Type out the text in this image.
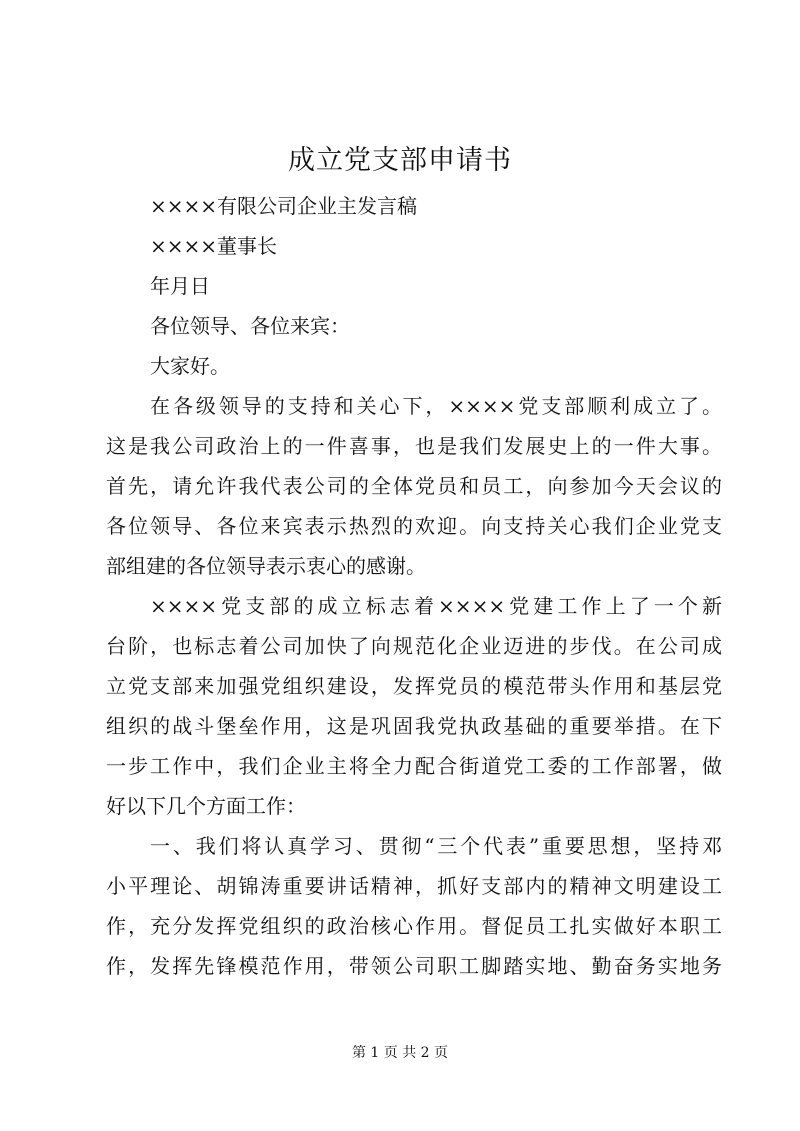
成立党支部申请书
××××有限公司企业主发言稿
××××董事长
年月日
各位领导、各位来宾：
大家好。
在各级领导的支持和关心下，××××党支部顺利成立了。
这是我公司政治上的一件喜事，也是我们发展史上的一件大事。
首先，请允许我代表公司的全体党员和员工，向参加今天会议的
各位领导、各位来宾表示热烈的欢迎。向支持关心我们企业党支
部组建的各位领导表示衷心的感谢。
××××党支部的成立标志着××××党建工作上了一个新
台阶，也标志着公司加快了向规范化企业迈进的步伐。在公司成
立党支部来加强党组织建设，发挥党员的模范带头作用和基层党
组织的战斗堡垒作用，这是巩固我党执政基础的重要举措。在下
一步工作中，我们企业主将全力配合街道党工委的工作部署，做
好以下几个方面工作：
一、我们将认真学习、贯彻“三个代表”重要思想，坚持邓
小平理论、胡锦涛重要讲话精神，抓好支部内的精神文明建设工
作，充分发挥党组织的政治核心作用。督促员工扎实做好本职工
作，发挥先锋模范作用，带领公司职工脚踏实地、勤奋务实地务
第 1 页 共 2 页
